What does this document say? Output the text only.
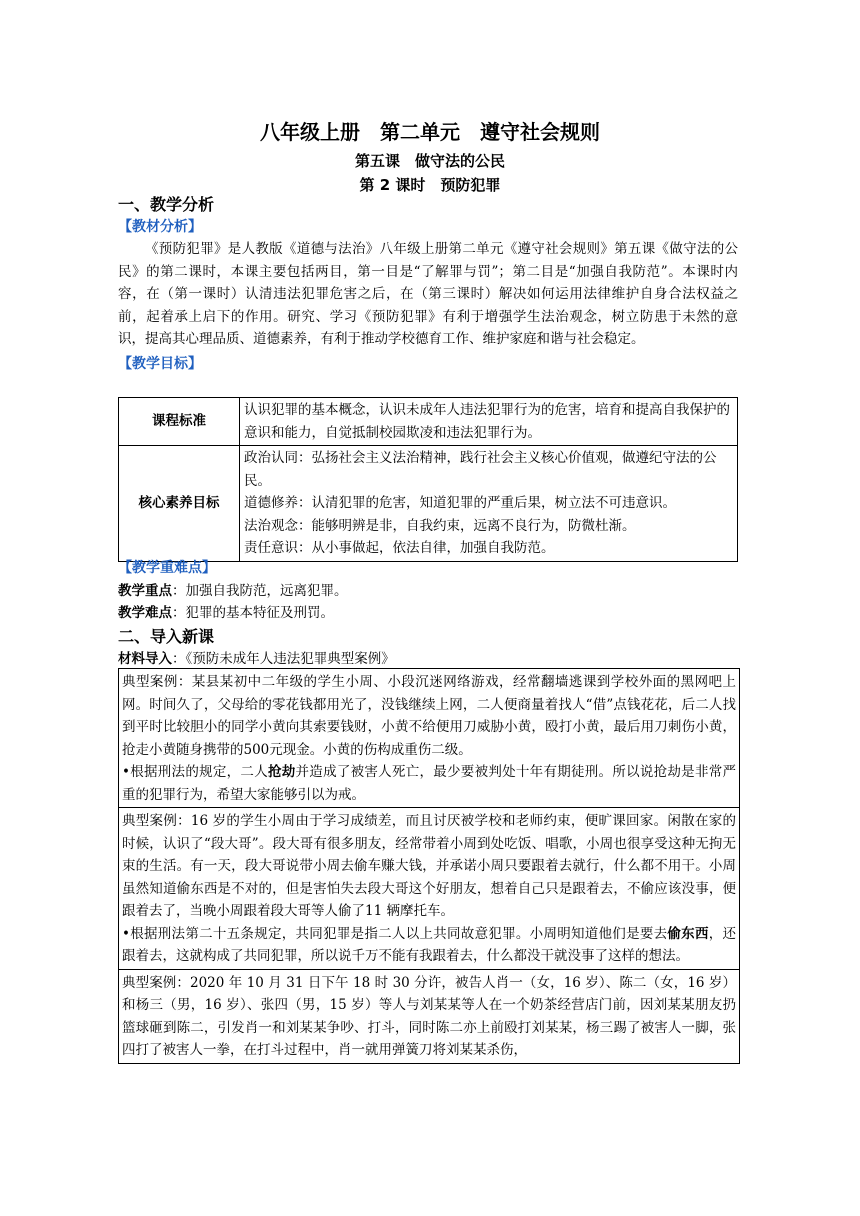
八年级上册　第二单元　遵守社会规则
第五课　做守法的公民
第 2 课时　预防犯罪
一、教学分析
【教材分析】

《预防犯罪》是人教版《道德与法治》八年级上册第二单元《遵守社会规则》第五课《做守法的公民》的第二课时，本课主要包括两目，第一目是“了解罪与罚”；第二目是“加强自我防范”。本课时内容，在（第一课时）认清违法犯罪危害之后，在（第三课时）解决如何运用法律维护自身合法权益之前，起着承上启下的作用。研究、学习《预防犯罪》有利于增强学生法治观念，树立防患于未然的意识，提高其心理品质、道德素养，有利于推动学校德育工作、维护家庭和谐与社会稳定。

【教学目标】
课程标准	认识犯罪的基本概念，认识未成年人违法犯罪行为的危害，培育和提高自我保护的意识和能力，自觉抵制校园欺凌和违法犯罪行为。

核心素养目标	政治认同：弘扬社会主义法治精神，践行社会主义核心价值观，做遵纪守法的公民。
道德修养：认清犯罪的危害，知道犯罪的严重后果，树立法不可违意识。
法治观念：能够明辨是非，自我约束，远离不良行为，防微杜渐。
责任意识：从小事做起，依法自律，加强自我防范。
【教学重难点】

教学重点：加强自我防范，远离犯罪。

教学难点：犯罪的基本特征及刑罚。

二、导入新课

材料导入：《预防未成年人违法犯罪典型案例》

典型案例：某县某初中二年级的学生小周、小段沉迷网络游戏，经常翻墙逃课到学校外面的黑网吧上网。时间久了，父母给的零花钱都用光了，没钱继续上网，二人便商量着找人“借”点钱花花，后二人找到平时比较胆小的同学小黄向其索要钱财，小黄不给便用刀威胁小黄，殴打小黄，最后用刀刺伤小黄，抢走小黄随身携带的500元现金。小黄的伤构成重伤二级。

•根据刑法的规定，二人抢劫并造成了被害人死亡，最少要被判处十年有期徒刑。所以说抢劫是非常严重的犯罪行为，希望大家能够引以为戒。

典型案例：16 岁的学生小周由于学习成绩差，而且讨厌被学校和老师约束，便旷课回家。闲散在家的时候，认识了“段大哥”。段大哥有很多朋友，经常带着小周到处吃饭、唱歌，小周也很享受这种无拘无束的生活。有一天，段大哥说带小周去偷车赚大钱，并承诺小周只要跟着去就行，什么都不用干。小周虽然知道偷东西是不对的，但是害怕失去段大哥这个好朋友，想着自己只是跟着去，不偷应该没事，便跟着去了，当晚小周跟着段大哥等人偷了11 辆摩托车。

•根据刑法第二十五条规定，共同犯罪是指二人以上共同故意犯罪。小周明知道他们是要去偷东西，还跟着去，这就构成了共同犯罪，所以说千万不能有我跟着去，什么都没干就没事了这样的想法。

典型案例：2020 年 10 月 31 日下午 18 时 30 分许，被告人肖一（女，16 岁）、陈二（女，16 岁）和杨三（男，16 岁）、张四（男，15 岁）等人与刘某某等人在一个奶茶经营店门前，因刘某某朋友扔篮球砸到陈二，引发肖一和刘某某争吵、打斗，同时陈二亦上前殴打刘某某，杨三踢了被害人一脚，张四打了被害人一拳，在打斗过程中，肖一就用弹簧刀将刘某某杀伤，
